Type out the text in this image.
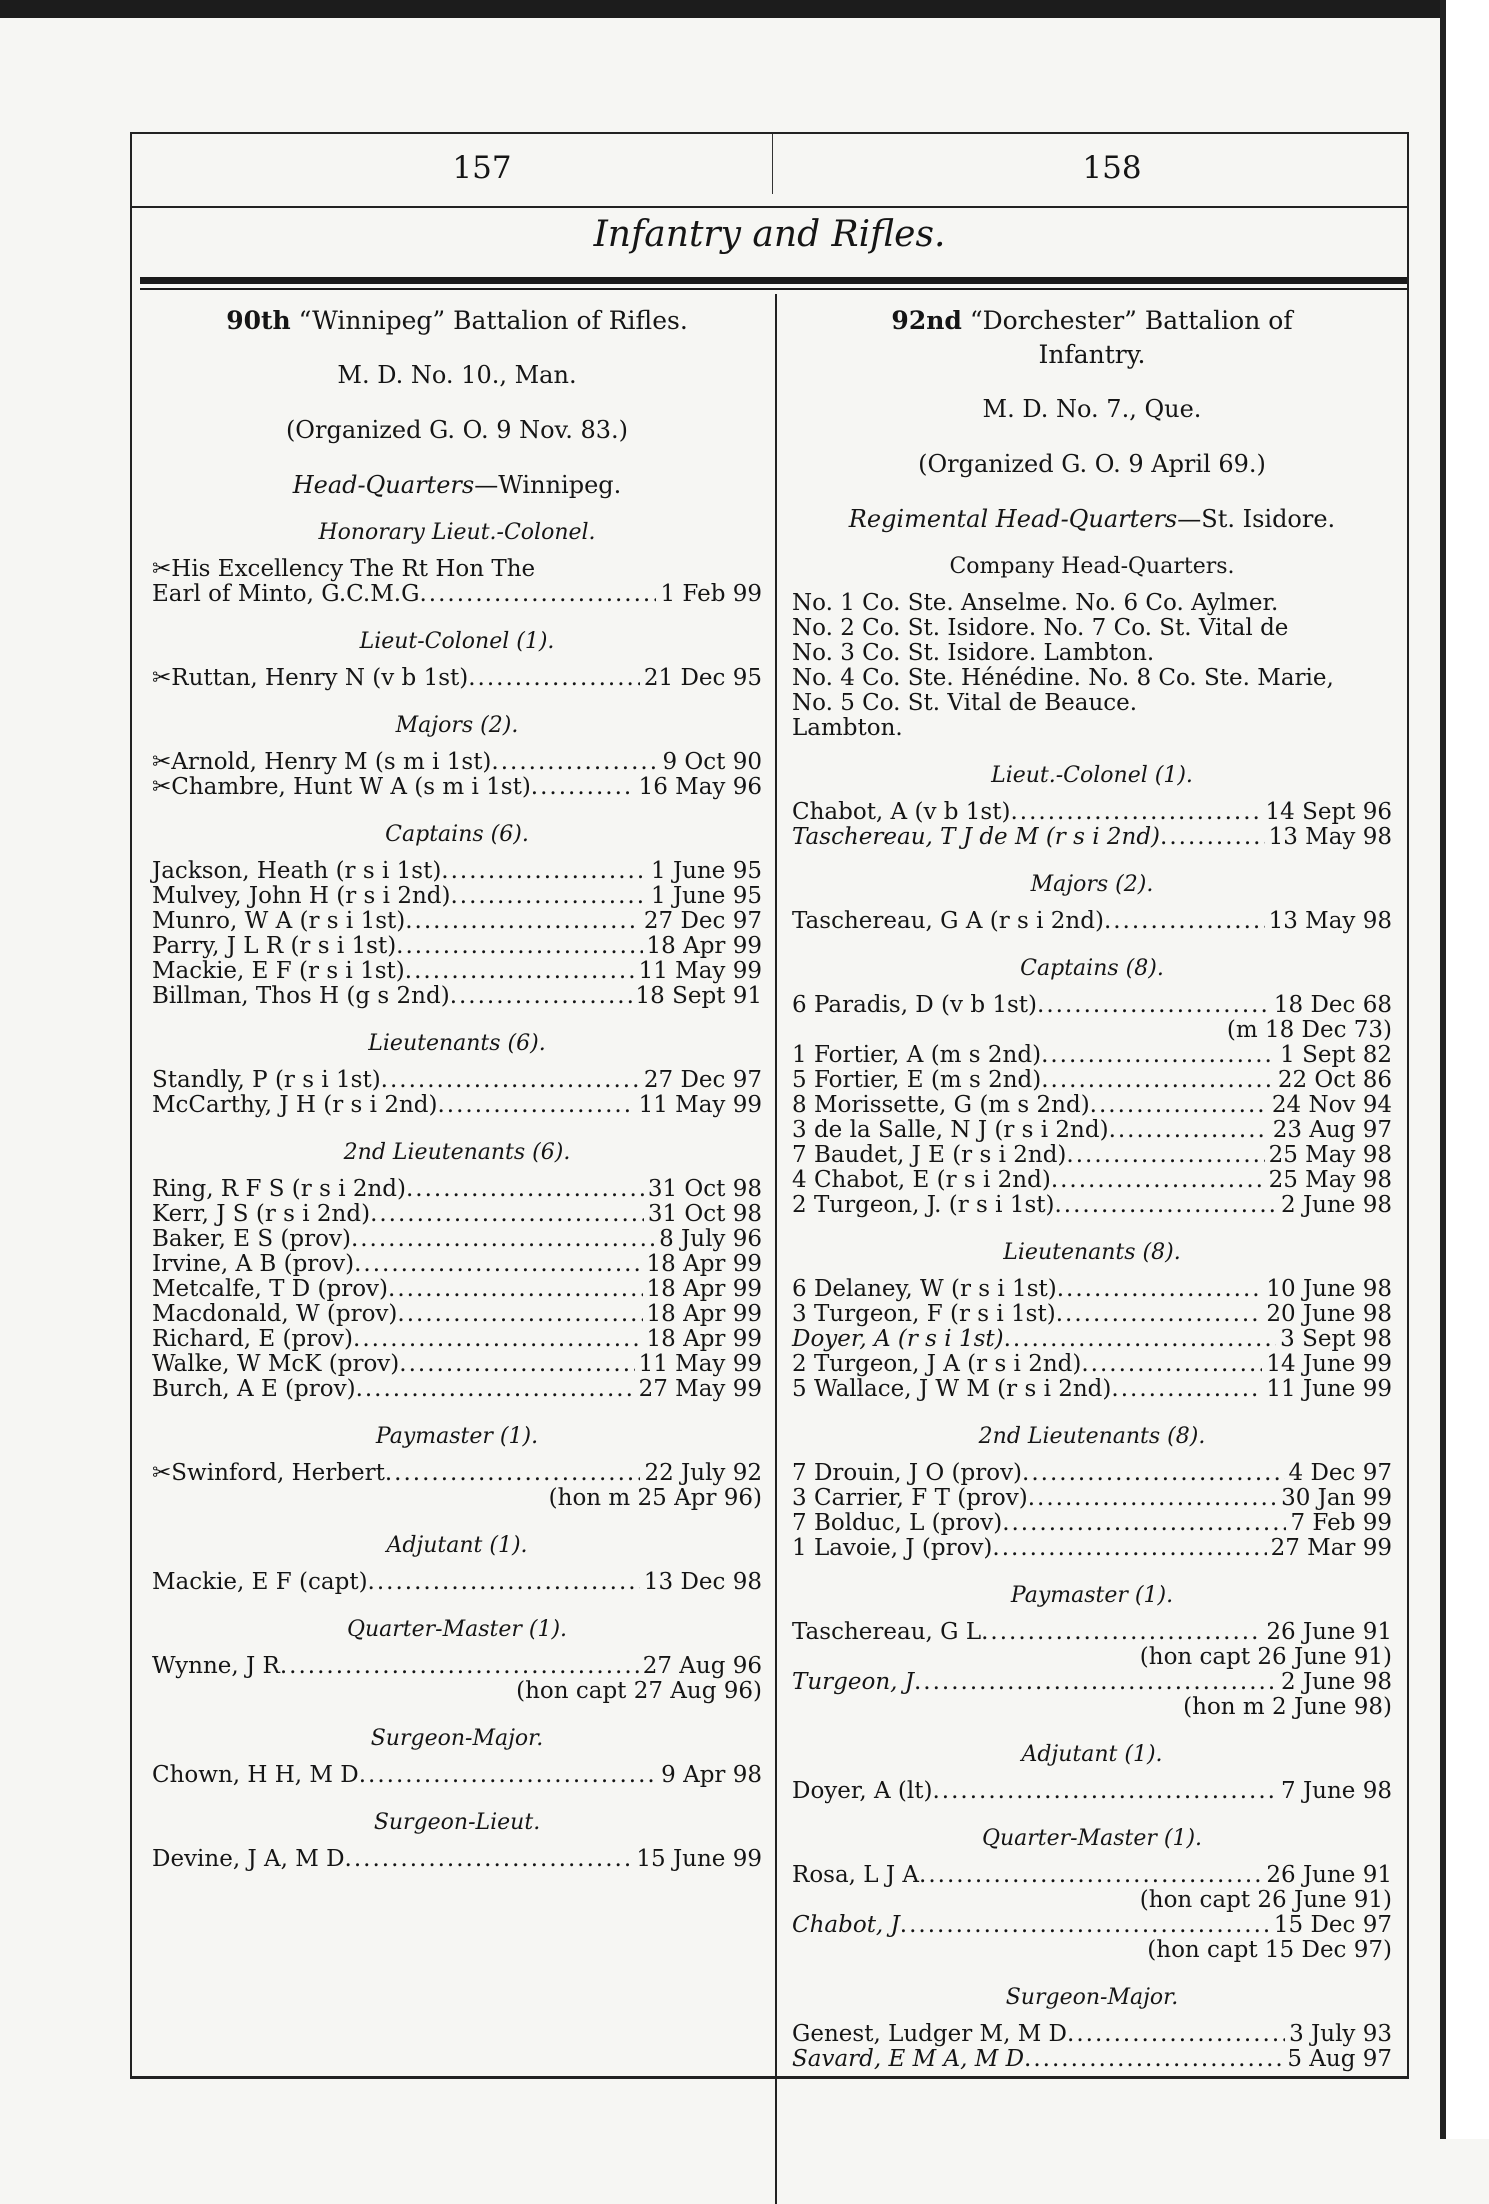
157	158
Infantry and Rifles.
90th “Winnipeg” Battalion of Rifles.
M. D. No. 10., Man.
(Organized G. O. 9 Nov. 83.)
Head-Quarters—Winnipeg.
Honorary Lieut.-Colonel.
✂His Excellency The Rt Hon The
Earl of Minto, G.C.M.G .....	1 Feb 99
Lieut-Colonel (1).
✂Ruttan, Henry N (v b 1st) .....	21 Dec 95
Majors (2).
✂Arnold, Henry M (s m i 1st) .....	9 Oct 90
✂Chambre, Hunt W A (s m i 1st) .....	16 May 96
Captains (6).
Jackson, Heath (r s i 1st) .....	1 June 95
Mulvey, John H (r s i 2nd) .....	1 June 95
Munro, W A (r s i 1st) .....	27 Dec 97
Parry, J L R (r s i 1st) .....	18 Apr 99
Mackie, E F (r s i 1st) .....	11 May 99
Billman, Thos H (g s 2nd) .....	18 Sept 91
Lieutenants (6).
Standly, P (r s i 1st) .....	27 Dec 97
McCarthy, J H (r s i 2nd) .....	11 May 99
2nd Lieutenants (6).
Ring, R F S (r s i 2nd) .....	31 Oct 98
Kerr, J S (r s i 2nd) .....	31 Oct 98
Baker, E S (prov) .....	8 July 96
Irvine, A B (prov) .....	18 Apr 99
Metcalfe, T D (prov) .....	18 Apr 99
Macdonald, W (prov) .....	18 Apr 99
Richard, E (prov) .....	18 Apr 99
Walke, W McK (prov) .....	11 May 99
Burch, A E (prov) .....	27 May 99
Paymaster (1).
✂Swinford, Herbert .....	22 July 92
(hon m 25 Apr 96)
Adjutant (1).
Mackie, E F (capt) .....	13 Dec 98
Quarter-Master (1).
Wynne, J R .....	27 Aug 96
(hon capt 27 Aug 96)
Surgeon-Major.
Chown, H H, M D .....	9 Apr 98
Surgeon-Lieut.
Devine, J A, M D .....	15 June 99
92nd “Dorchester” Battalion of
Infantry.
M. D. No. 7., Que.
(Organized G. O. 9 April 69.)
Regimental Head-Quarters—St. Isidore.
Company Head-Quarters.
No. 1 Co. Ste. Anselme. No. 6 Co. Aylmer.
No. 2 Co. St. Isidore. No. 7 Co. St. Vital de
No. 3 Co. St. Isidore. Lambton.
No. 4 Co. Ste. Hénédine. No. 8 Co. Ste. Marie,
No. 5 Co. St. Vital de Beauce.
Lambton.
Lieut.-Colonel (1).
Chabot, A (v b 1st) .....	14 Sept 96
Taschereau, T J de M (r s i 2nd) .....	13 May 98
Majors (2).
Taschereau, G A (r s i 2nd) .....	13 May 98
Captains (8).
6 Paradis, D (v b 1st) .....	18 Dec 68
(m 18 Dec 73)
1 Fortier, A (m s 2nd) .....	1 Sept 82
5 Fortier, E (m s 2nd) .....	22 Oct 86
8 Morissette, G (m s 2nd) .....	24 Nov 94
3 de la Salle, N J (r s i 2nd) .....	23 Aug 97
7 Baudet, J E (r s i 2nd) .....	25 May 98
4 Chabot, E (r s i 2nd) .....	25 May 98
2 Turgeon, J. (r s i 1st) .....	2 June 98
Lieutenants (8).
6 Delaney, W (r s i 1st) .....	10 June 98
3 Turgeon, F (r s i 1st) .....	20 June 98
Doyer, A (r s i 1st) .....	3 Sept 98
2 Turgeon, J A (r s i 2nd) .....	14 June 99
5 Wallace, J W M (r s i 2nd) .....	11 June 99
2nd Lieutenants (8).
7 Drouin, J O (prov) .....	4 Dec 97
3 Carrier, F T (prov) .....	30 Jan 99
7 Bolduc, L (prov) .....	7 Feb 99
1 Lavoie, J (prov) .....	27 Mar 99
Paymaster (1).
Taschereau, G L .....	26 June 91
(hon capt 26 June 91)
Turgeon, J .....	2 June 98
(hon m 2 June 98)
Adjutant (1).
Doyer, A (lt) .....	7 June 98
Quarter-Master (1).
Rosa, L J A .....	26 June 91
(hon capt 26 June 91)
Chabot, J .....	15 Dec 97
(hon capt 15 Dec 97)
Surgeon-Major.
Genest, Ludger M, M D .....	3 July 93
Savard, E M A, M D .....	5 Aug 97
